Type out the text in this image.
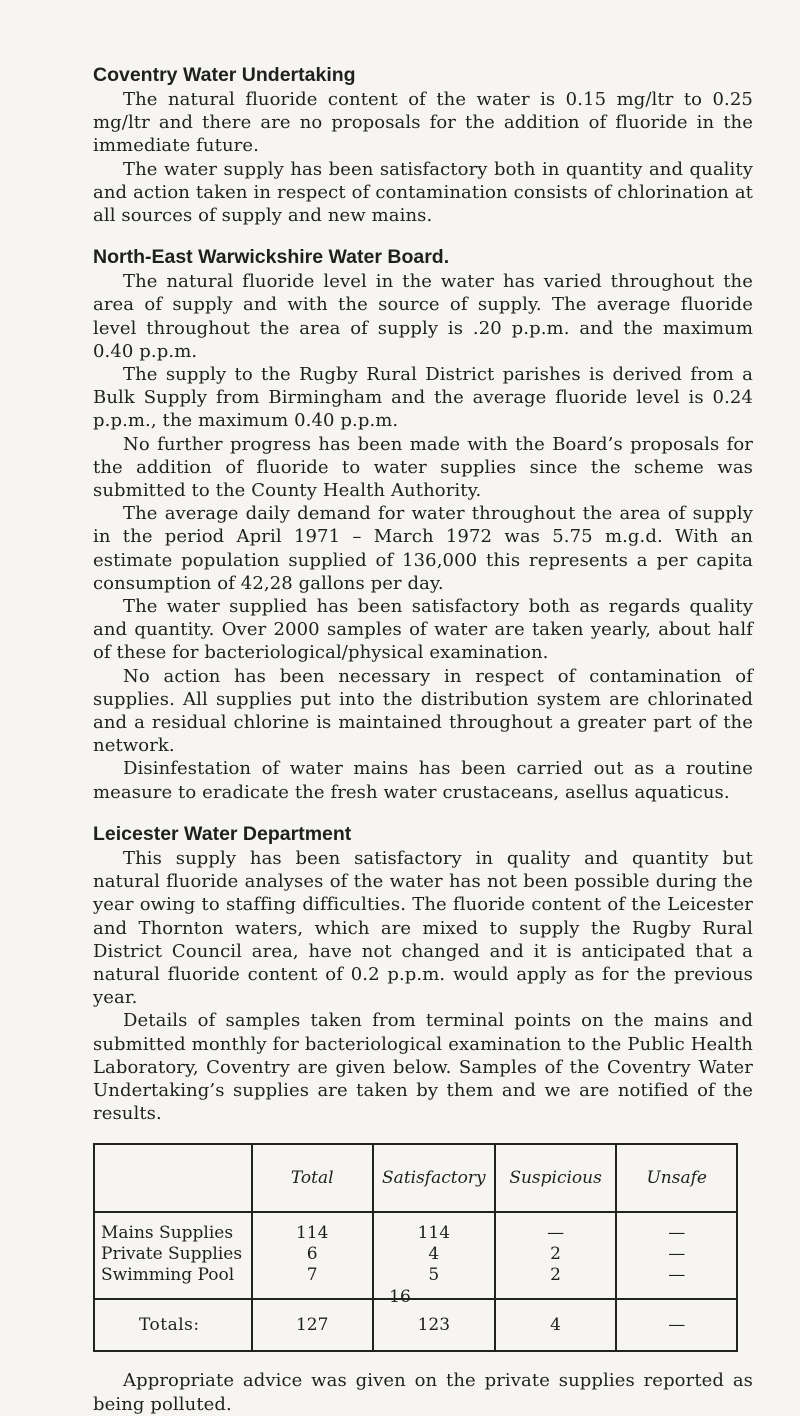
Coventry Water Undertaking

The natural fluoride content of the water is 0.15 mg/ltr to 0.25 mg/ltr and there are no proposals for the addition of fluoride in the immediate future.

The water supply has been satisfactory both in quantity and quality and action taken in respect of contamination consists of chlorination at all sources of supply and new mains.

North-East Warwickshire Water Board.

The natural fluoride level in the water has varied throughout the area of supply and with the source of supply. The average fluoride level throughout the area of supply is .20 p.p.m. and the maximum 0.40 p.p.m.

The supply to the Rugby Rural District parishes is derived from a Bulk Supply from Birmingham and the average fluoride level is 0.24 p.p.m., the maximum 0.40 p.p.m.

No further progress has been made with the Board’s proposals for the addition of fluoride to water supplies since the scheme was submitted to the County Health Authority.

The average daily demand for water throughout the area of supply in the period April 1971 – March 1972 was 5.75 m.g.d. With an estimate population supplied of 136,000 this represents a per capita consumption of 42,28 gallons per day.

The water supplied has been satisfactory both as regards quality and quantity. Over 2000 samples of water are taken yearly, about half of these for bacteriological/physical examination.

No action has been necessary in respect of contamination of supplies. All supplies put into the distribution system are chlorinated and a residual chlorine is maintained throughout a greater part of the network.

Disinfestation of water mains has been carried out as a routine measure to eradicate the fresh water crustaceans, asellus aquaticus.

Leicester Water Department

This supply has been satisfactory in quality and quantity but natural fluoride analyses of the water has not been possible during the year owing to staffing difficulties. The fluoride content of the Leicester and Thornton waters, which are mixed to supply the Rugby Rural District Council area, have not changed and it is anticipated that a natural fluoride content of 0.2 p.p.m. would apply as for the previous year.

Details of samples taken from terminal points on the mains and submitted monthly for bacteriological examination to the Public Health Laboratory, Coventry are given below. Samples of the Coventry Water Undertaking’s supplies are taken by them and we are notified of the results.

	Total	Satisfactory	Suspicious	Unsafe
Mains Supplies	114	114	—	—
Private Supplies	6	4	2	—
Swimming Pool	7	5	2	—
Totals:	127	123	4	—

Appropriate advice was given on the private supplies reported as being polluted.

16
